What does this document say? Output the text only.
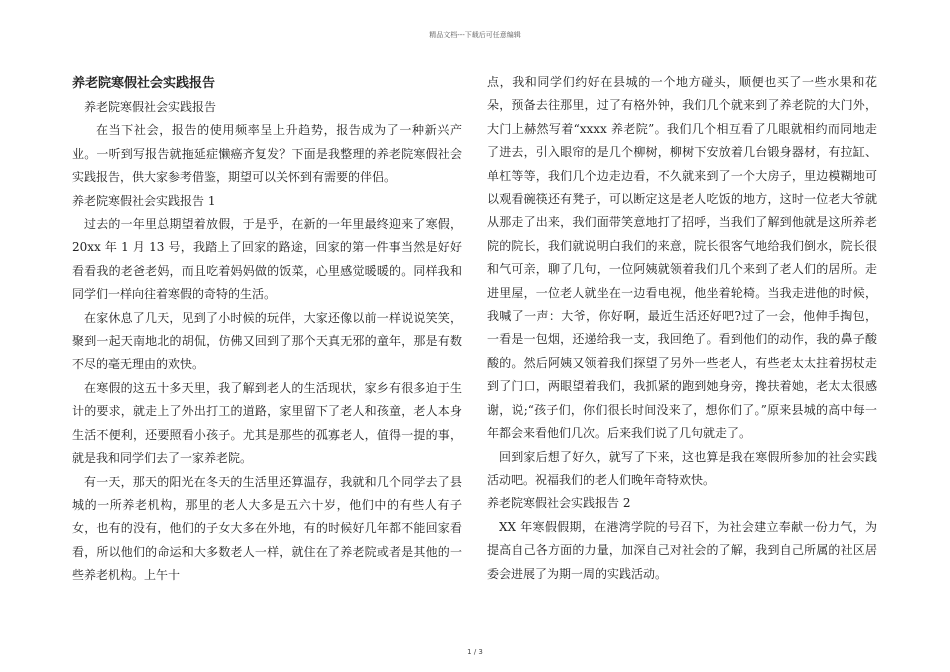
精品文档---下载后可任意编辑

养老院寒假社会实践报告

养老院寒假社会实践报告

在当下社会，报告的使用频率呈上升趋势，报告成为了一种新兴产业。一听到写报告就拖延症懒癌齐复发？下面是我整理的养老院寒假社会实践报告，供大家参考借鉴，期望可以关怀到有需要的伴侣。

养老院寒假社会实践报告 1

过去的一年里总期望着放假，于是乎，在新的一年里最终迎来了寒假，20xx 年 1 月 13 号，我踏上了回家的路途，回家的第一件事当然是好好看看我的老爸老妈，而且吃着妈妈做的饭菜，心里感觉暖暖的。同样我和同学们一样向往着寒假的奇特的生活。

在家休息了几天，见到了小时候的玩伴，大家还像以前一样说说笑笑，聚到一起天南地北的胡侃，仿佛又回到了那个天真无邪的童年，那是有数不尽的毫无理由的欢快。

在寒假的这五十多天里，我了解到老人的生活现状，家乡有很多迫于生计的要求，就走上了外出打工的道路，家里留下了老人和孩童，老人本身生活不便利，还要照看小孩子。尤其是那些的孤寡老人，值得一提的事，就是我和同学们去了一家养老院。

有一天，那天的阳光在冬天的生活里还算温存，我就和几个同学去了县城的一所养老机构，那里的老人大多是五六十岁，他们中的有些人有子女，也有的没有，他们的子女大多在外地，有的时候好几年都不能回家看看，所以他们的命运和大多数老人一样，就住在了养老院或者是其他的一些养老机构。上午十

点，我和同学们约好在县城的一个地方碰头，顺便也买了一些水果和花朵，预备去往那里，过了有格外钟，我们几个就来到了养老院的大门外，大门上赫然写着“xxxx 养老院”。我们几个相互看了几眼就相约而同地走了进去，引入眼帘的是几个柳树，柳树下安放着几台锻身器材，有拉缸、单杠等等，我们几个边走边看，不久就来到了一个大房子，里边模糊地可以观看碗筷还有凳子，可以断定这是老人吃饭的地方，这时一位老大爷就从那走了出来，我们面带笑意地打了招呼，当我们了解到他就是这所养老院的院长，我们就说明白我们的来意，院长很客气地给我们倒水，院长很和气可亲，聊了几句，一位阿姨就领着我们几个来到了老人们的居所。走进里屋，一位老人就坐在一边看电视，他坐着轮椅。当我走进他的时候，我喊了一声：大爷，你好啊，最近生活还好吧?过了一会，他伸手掏包，一看是一包烟，还递给我一支，我回绝了。看到他们的动作，我的鼻子酸酸的。然后阿姨又领着我们探望了另外一些老人，有些老太太拄着拐杖走到了门口，两眼望着我们，我抓紧的跑到她身旁，搀扶着她，老太太很感谢，说;“孩子们，你们很长时间没来了，想你们了。”原来县城的高中每一年都会来看他们几次。后来我们说了几句就走了。

回到家后想了好久，就写了下来，这也算是我在寒假所参加的社会实践活动吧。祝福我们的老人们晚年奇特欢快。

养老院寒假社会实践报告 2

XX 年寒假假期，在港湾学院的号召下，为社会建立奉献一份力气，为提高自己各方面的力量，加深自己对社会的了解，我到自己所属的社区居委会进展了为期一周的实践活动。

1 / 3
